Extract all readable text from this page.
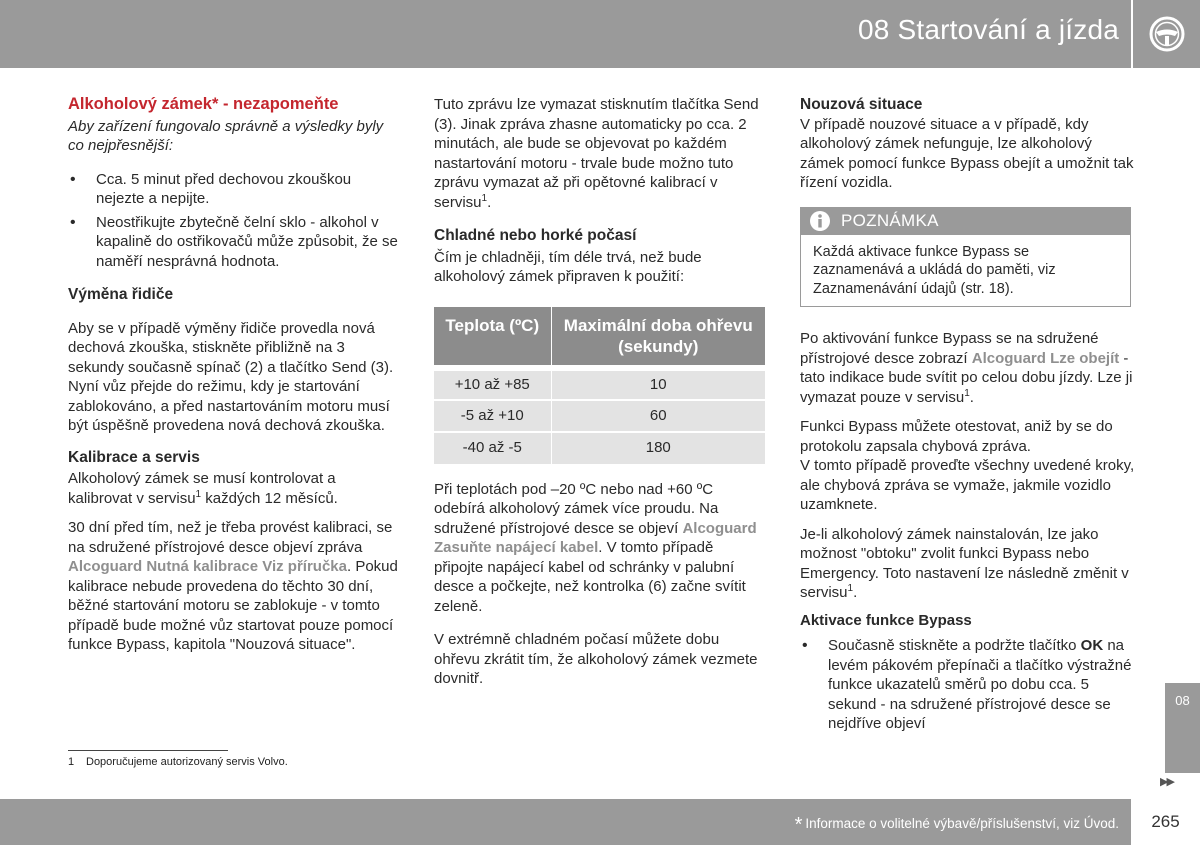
08 Startování a jízda
Alkoholový zámek* - nezapomeňte

Aby zařízení fungovalo správně a výsledky byly co nejpřesnější:

• Cca. 5 minut před dechovou zkouškou nejezte a nepijte.
• Neostřikujte zbytečně čelní sklo - alkohol v kapalině do ostřikovačů může způsobit, že se naměří nesprávná hodnota.
Výměna řidiče

Aby se v případě výměny řidiče provedla nová dechová zkouška, stiskněte přibližně na 3 sekundy současně spínač (2) a tlačítko Send (3). Nyní vůz přejde do režimu, kdy je startování zablokováno, a před nastartováním motoru musí být úspěšně provedena nová dechová zkouška.

Kalibrace a servis

Alkoholový zámek se musí kontrolovat a kalibrovat v servisu$^1$ každých 12 měsíců.

30 dní před tím, než je třeba provést kalibraci, se na sdružené přístrojové desce objeví zpráva Alcoguard Nutná kalibrace Viz příručka. Pokud kalibrace nebude provedena do těchto 30 dní, běžné startování motoru se zablokuje - v tomto případě bude možné vůz startovat pouze pomocí funkce Bypass, kapitola "Nouzová situace".

Tuto zprávu lze vymazat stisknutím tlačítka Send (3). Jinak zpráva zhasne automaticky po cca. 2 minutách, ale bude se objevovat po každém nastartování motoru - trvale bude možno tuto zprávu vymazat až při opětovné kalibrací v servisu$^1$.

Chladné nebo horké počasí

Čím je chladněji, tím déle trvá, než bude alkoholový zámek připraven k použití:

Teplota (ºC)	Maximální doba ohřevu (sekundy)
+10 až +85	10
-5 až +10	60
-40 až -5	180

Při teplotách pod –20 ºC nebo nad +60 ºC odebírá alkoholový zámek více proudu. Na sdružené přístrojové desce se objeví Alcoguard Zasuňte napájecí kabel. V tomto případě připojte napájecí kabel od schránky v palubní desce a počkejte, než kontrolka (6) začne svítit zeleně.

V extrémně chladném počasí můžete dobu ohřevu zkrátit tím, že alkoholový zámek vezmete dovnitř.

Nouzová situace

V případě nouzové situace a v případě, kdy alkoholový zámek nefunguje, lze alkoholový zámek pomocí funkce Bypass obejít a umožnit tak řízení vozidla.

POZNÁMKA
Každá aktivace funkce Bypass se zaznamenává a ukládá do paměti, viz Zaznamenávání údajů (str. 18).

Po aktivování funkce Bypass se na sdružené přístrojové desce zobrazí Alcoguard Lze obejít - tato indikace bude svítit po celou dobu jízdy. Lze ji vymazat pouze v servisu$^1$.

Funkci Bypass můžete otestovat, aniž by se do protokolu zapsala chybová zpráva.
V tomto případě proveďte všechny uvedené kroky, ale chybová zpráva se vymaže, jakmile vozidlo uzamknete.

Je-li alkoholový zámek nainstalován, lze jako možnost "obtoku" zvolit funkci Bypass nebo Emergency. Toto nastavení lze následně změnit v servisu$^1$.

Aktivace funkce Bypass
• Současně stiskněte a podržte tlačítko OK na levém pákovém přepínači a tlačítko výstražné funkce ukazatelů směrů po dobu cca. 5 sekund - na sdružené přístrojové desce se nejdříve objeví
08
▶▶
1 Doporučujeme autorizovaný servis Volvo.
* Informace o volitelné výbavě/příslušenství, viz Úvod.	265
